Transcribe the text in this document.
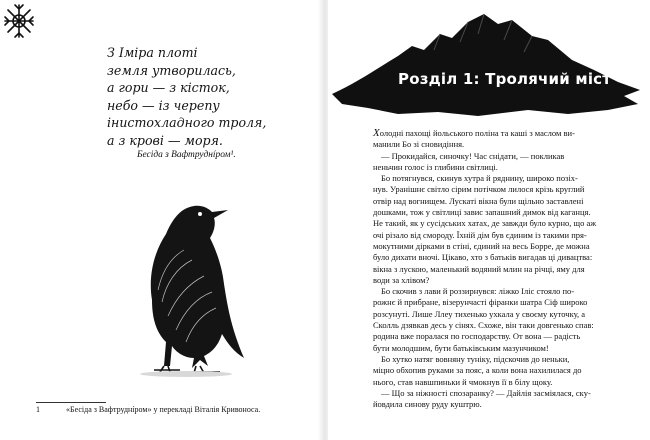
З Іміра плоті
земля утворилась,
а гори — з кісток,
небо — із черепу
інистохладного троля,
а з крові — моря.
Бесіда з Вафтруднíром¹.
1	«Бесіда з Вафтруднíром» у перекладі Віталія Кривоноса.
Розділ 1: Тролячий міст

Холодні пахощі йольського поліна та каші з маслом ви-

манили Бо зі сновидіння.

— Прокидайся, синочку! Час снідати, — покликав

неньчин голос із глибини світлиці.

Бо потягнувся, скинув хутра й ряднину, широко позіх-

нув. Уранішнє світло сірим потічком лилося крізь круглий

отвір над вогнищем. Лускаті вікна були щільно заставлені

дошками, тож у світлиці завис запашний димок від каганця.

Не такий, як у сусідських хатах, де завжди було курно, що аж

очі різало від смороду. Їхній дім був єдиним із такими пря-

мокутними дірками в стіні, єдиний на весь Борре, де можна

було дихати вночі. Цікаво, хто з батьків вигадав ці дивацтва:

вікна з лускою, маленький водяний млин на річці, яму для

води за хлівом?

Бо скочив з лави й роззирнувся: ліжко Іліс стояло по-

рожнє й прибране, візерунчасті фіранки шатра Сіф широко

розсунуті. Лише Ллеу тихенько ухкала у своєму куточку, а

Сколль дзявкав десь у сінях. Схоже, він таки довгенько спав:

родина вже поралася по господарству. От вона — радість

бути молодшим, бути батьківським мазунчиком!

Бо хутко натяг вовняну туніку, підскочив до неньки,

міцно обхопив руками за пояс, а коли вона нахилилася до

нього, став навшпиньки й чмокнув її в білу щоку.

— Що за ніжності спозаранку? — Дайлія засміялася, ску-

йовдила синову руду куштрю.
